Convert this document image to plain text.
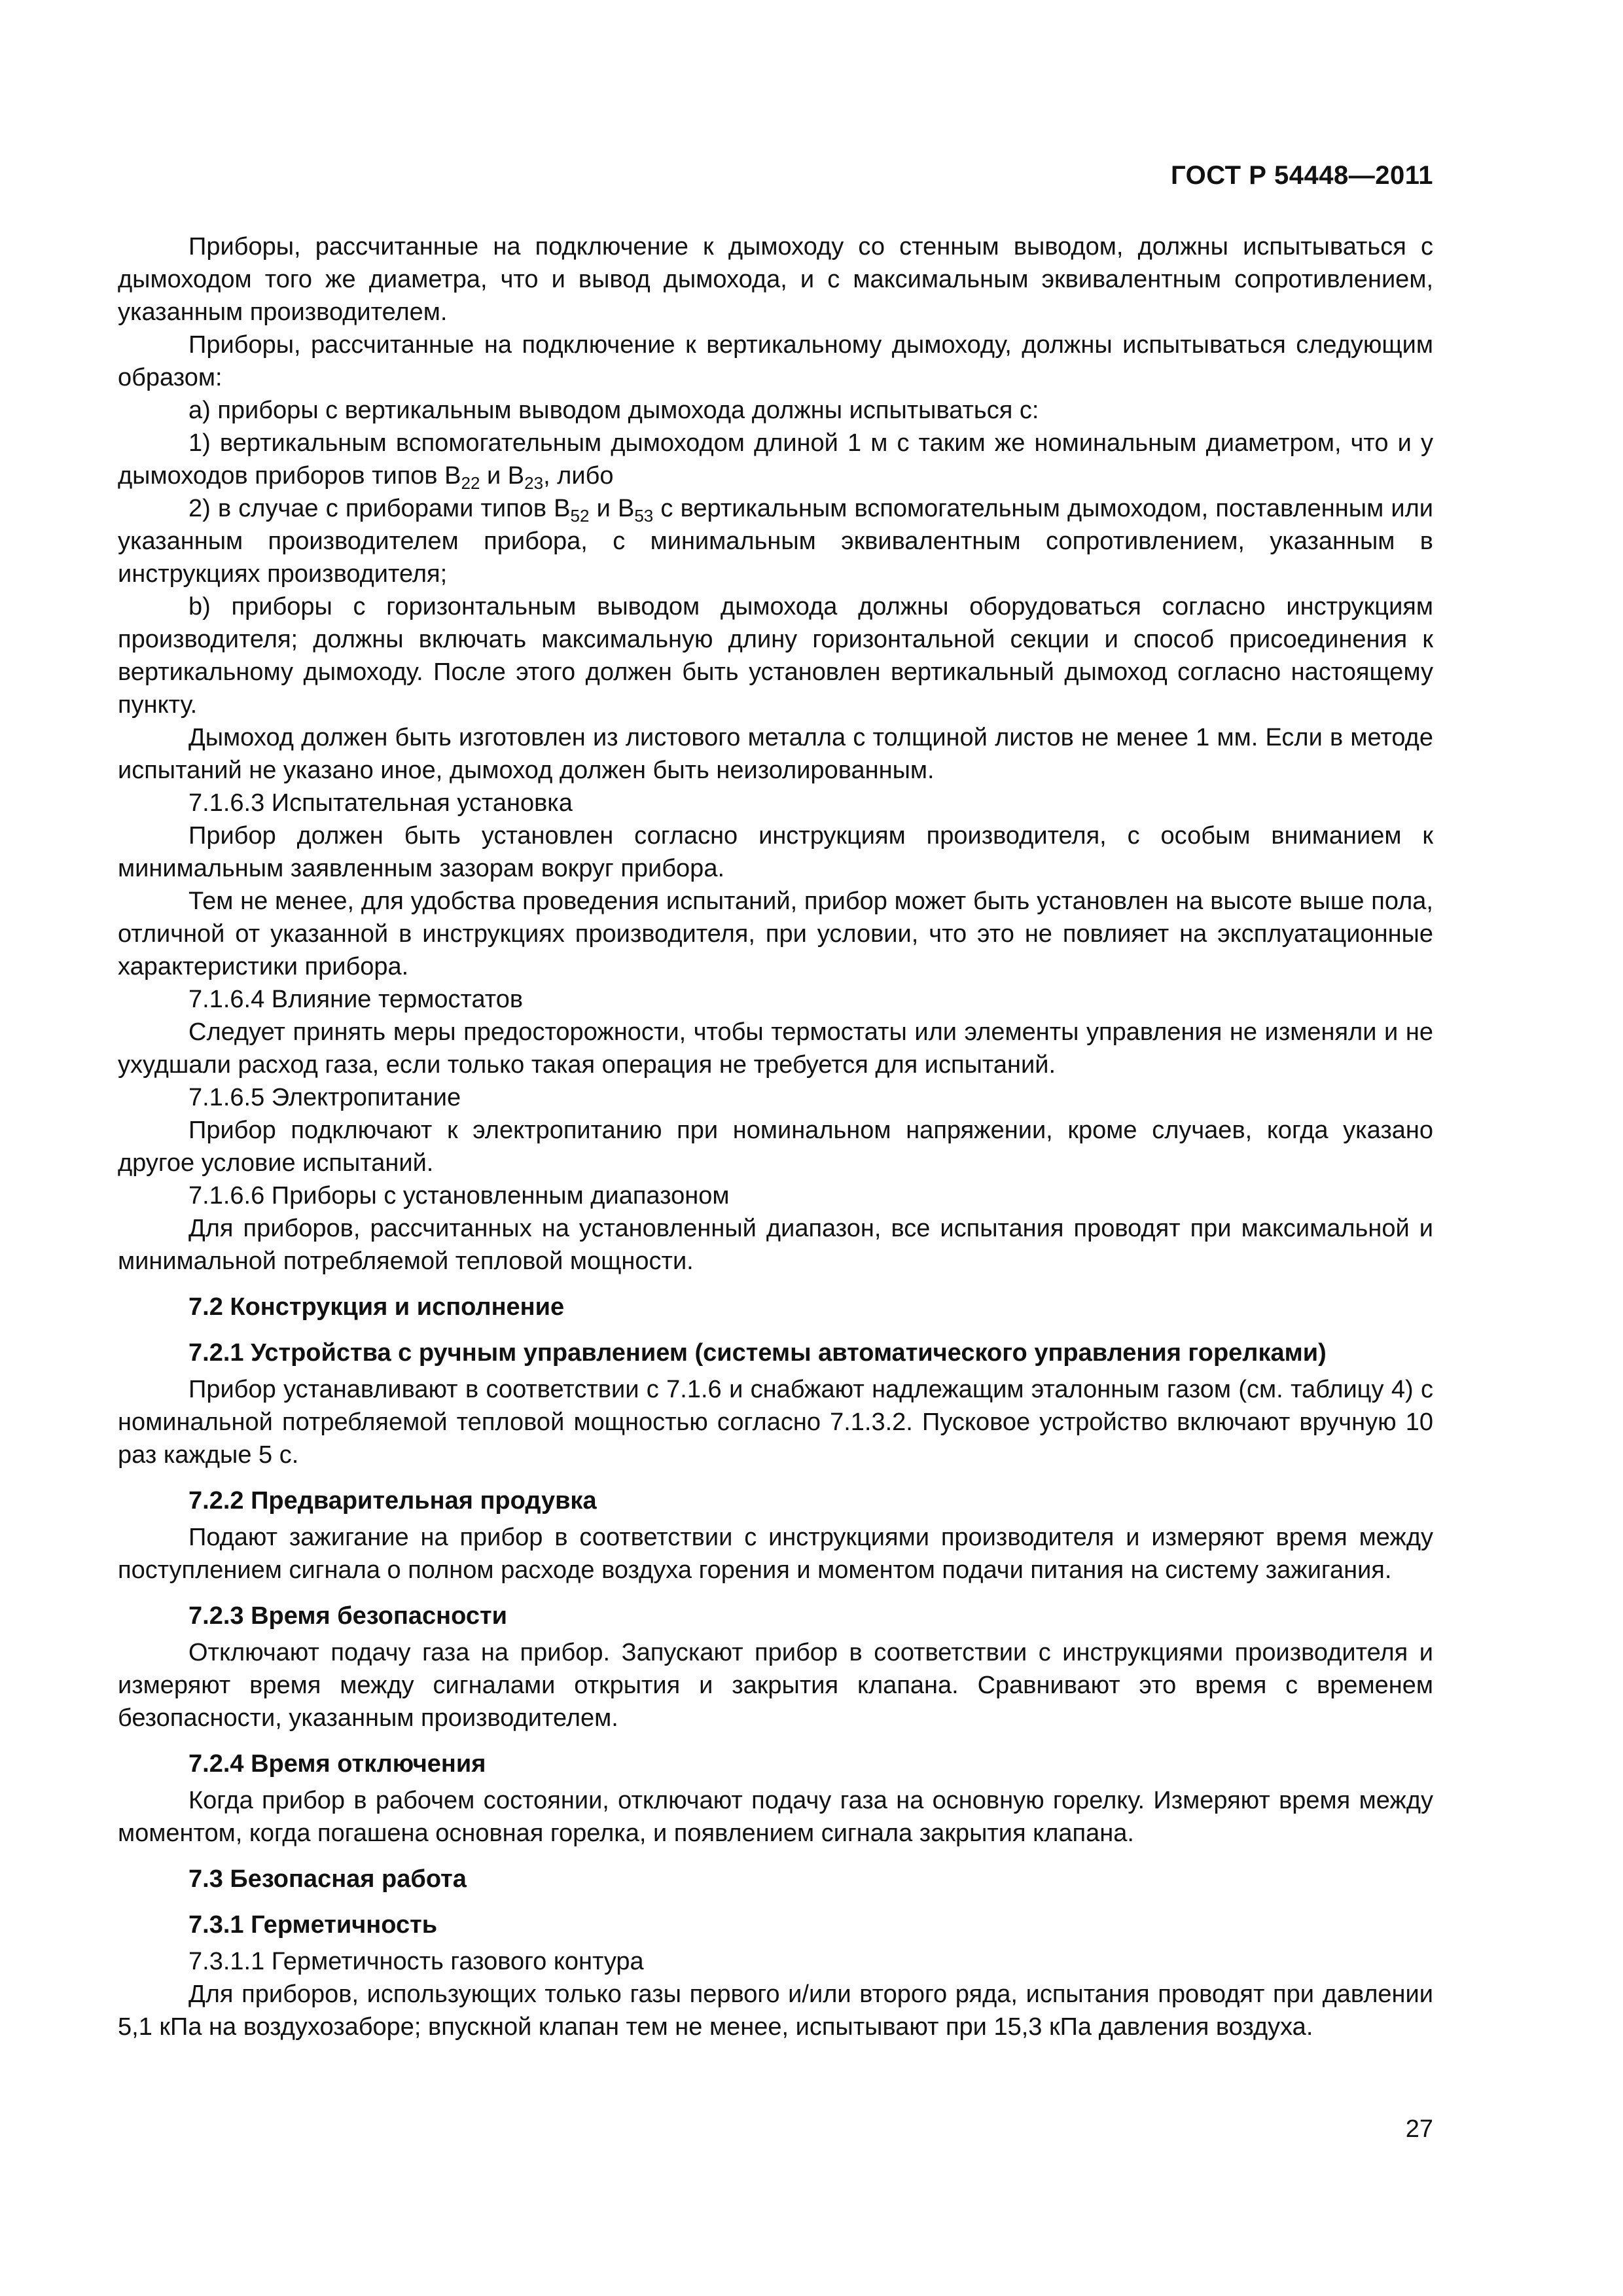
ГОСТ Р 54448—2011

Приборы, рассчитанные на подключение к дымоходу со стенным выводом, должны испытываться с дымоходом того же диаметра, что и вывод дымохода, и с максимальным эквивалентным сопротивлением, указанным производителем.

Приборы, рассчитанные на подключение к вертикальному дымоходу, должны испытываться следующим образом:

a) приборы с вертикальным выводом дымохода должны испытываться с:

1) вертикальным вспомогательным дымоходом длиной 1 м с таким же номинальным диаметром, что и у дымоходов приборов типов $B_{22}$ и $B_{23}$, либо

2) в случае с приборами типов $B_{52}$ и $B_{53}$ с вертикальным вспомогательным дымоходом, поставленным или указанным производителем прибора, с минимальным эквивалентным сопротивлением, указанным в инструкциях производителя;

b) приборы с горизонтальным выводом дымохода должны оборудоваться согласно инструкциям производителя; должны включать максимальную длину горизонтальной секции и способ присоединения к вертикальному дымоходу. После этого должен быть установлен вертикальный дымоход согласно настоящему пункту.

Дымоход должен быть изготовлен из листового металла с толщиной листов не менее 1 мм. Если в методе испытаний не указано иное, дымоход должен быть неизолированным.

7.1.6.3 Испытательная установка

Прибор должен быть установлен согласно инструкциям производителя, с особым вниманием к минимальным заявленным зазорам вокруг прибора.

Тем не менее, для удобства проведения испытаний, прибор может быть установлен на высоте выше пола, отличной от указанной в инструкциях производителя, при условии, что это не повлияет на эксплуатационные характеристики прибора.

7.1.6.4 Влияние термостатов

Следует принять меры предосторожности, чтобы термостаты или элементы управления не изменяли и не ухудшали расход газа, если только такая операция не требуется для испытаний.

7.1.6.5 Электропитание

Прибор подключают к электропитанию при номинальном напряжении, кроме случаев, когда указано другое условие испытаний.

7.1.6.6 Приборы с установленным диапазоном

Для приборов, рассчитанных на установленный диапазон, все испытания проводят при максимальной и минимальной потребляемой тепловой мощности.

7.2 Конструкция и исполнение
7.2.1 Устройства с ручным управлением (системы автоматического управления горелками)

Прибор устанавливают в соответствии с 7.1.6 и снабжают надлежащим эталонным газом (см. таблицу 4) с номинальной потребляемой тепловой мощностью согласно 7.1.3.2. Пусковое устройство включают вручную 10 раз каждые 5 с.

7.2.2 Предварительная продувка

Подают зажигание на прибор в соответствии с инструкциями производителя и измеряют время между поступлением сигнала о полном расходе воздуха горения и моментом подачи питания на систему зажигания.

7.2.3 Время безопасности

Отключают подачу газа на прибор. Запускают прибор в соответствии с инструкциями производителя и измеряют время между сигналами открытия и закрытия клапана. Сравнивают это время с временем безопасности, указанным производителем.

7.2.4 Время отключения

Когда прибор в рабочем состоянии, отключают подачу газа на основную горелку. Измеряют время между моментом, когда погашена основная горелка, и появлением сигнала закрытия клапана.

7.3 Безопасная работа
7.3.1 Герметичность

7.3.1.1 Герметичность газового контура

Для приборов, использующих только газы первого и/или второго ряда, испытания проводят при давлении 5,1 кПа на воздухозаборе; впускной клапан тем не менее, испытывают при 15,3 кПа давления воздуха.

27
